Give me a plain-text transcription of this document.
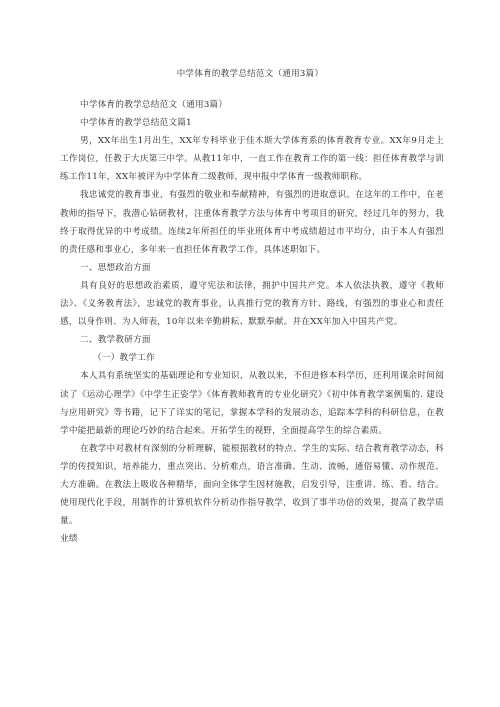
中学体育的教学总结范文（通用3篇）

中学体育的教学总结范文（通用3篇）

中学体育的教学总结范文篇1

男，XX年出生1月出生，XX年专科毕业于佳木斯大学体育系的体育教育专业。XX年9月走上工作岗位，任教于大庆第三中学。从教11年中，一直工作在教育工作的第一线：担任体育教学与训练工作11年，XX年被评为中学体育二级教师，现申报中学体育一级教师职称。

我忠诚党的教育事业，有强烈的敬业和奉献精神，有强烈的进取意识。在这年的工作中，在老教师的指导下，我潜心钻研教材，注重体育教学方法与体育中考项目的研究，经过几年的努力，我终于取得优异的中考成绩。连续2年所担任的毕业班体育中考成绩超过市平均分，由于本人有强烈的责任感和事业心，多年来一直担任体育教学工作，具体述职如下。

一、思想政治方面

具有良好的思想政治素质，遵守宪法和法律，拥护中国共产党。本人依法执教，遵守《教师法》、《义务教育法》，忠诚党的教育事业，认真推行党的教育方针、路线，有强烈的事业心和责任感，以身作则、为人师表，10年以来辛勤耕耘、默默奉献。并在XX年加入中国共产党。

二、教学教研方面

（一）教学工作

本人具有系统坚实的基础理论和专业知识，从教以来，不但进修本科学历，还利用课余时间阅读了《运动心理学》《中学生正姿学》《体育教师教育的专业化研究》《初中体育教学案例集的. 建设与应用研究》等书籍，记下了详实的笔记，掌握本学科的发展动态，追踪本学科的科研信息，在教学中能把最新的理论巧妙的结合起来。开拓学生的视野，全面提高学生的综合素质。

在教学中对教材有深刻的分析理解，能根据教材的特点、学生的实际、结合教育教学动态，科学的传授知识，培养能力，重点突出、分析难点，语言准确、生动、流畅，通俗易懂、动作规范、大方准确。在教法上吸收各种精华，面向全体学生因材施教，启发引导，注重讲、练、看、结合。使用现代化手段，用制作的计算机软件分析动作指导教学，收到了事半功倍的效果，提高了教学质量。

业绩
